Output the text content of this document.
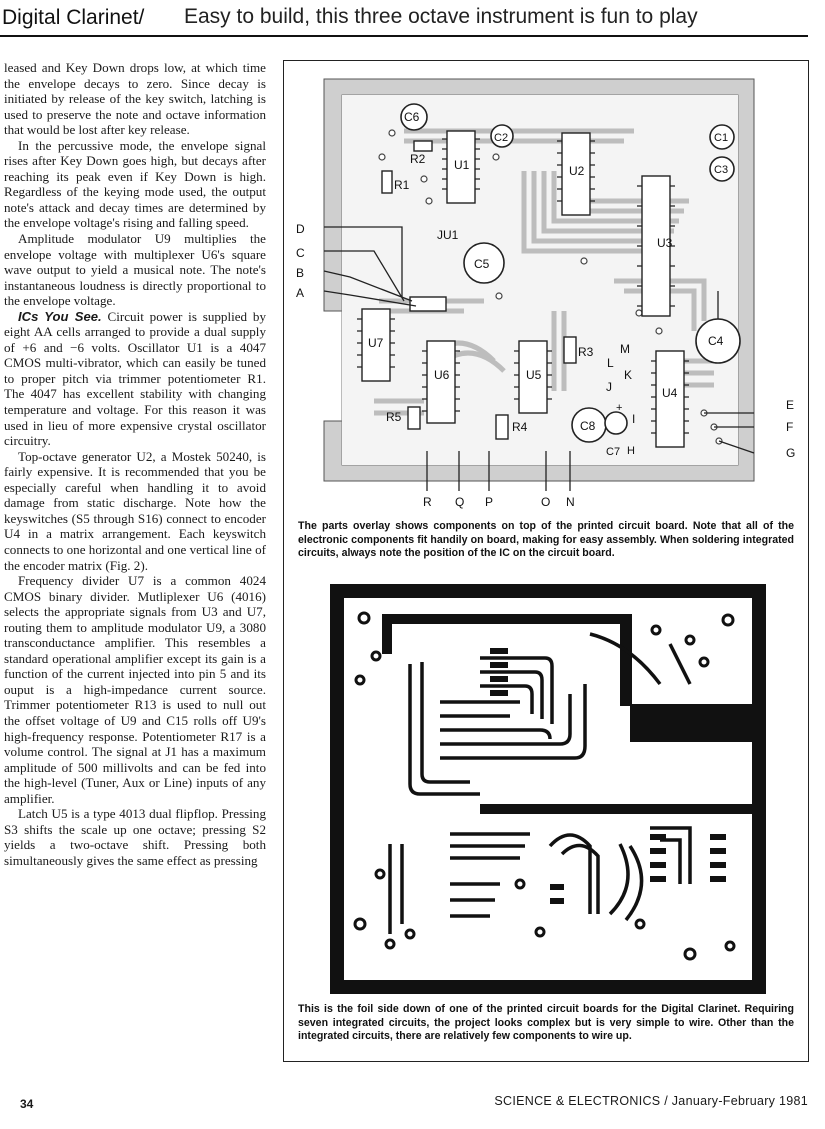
Digital Clarinet/ Easy to build, this three octave instrument is fun to play

leased and Key Down drops low, at which time the envelope decays to zero. Since decay is initiated by release of the key switch, latching is used to preserve the note and octave information that would be lost after key release.

In the percussive mode, the envelope signal rises after Key Down goes high, but decays after reaching its peak even if Key Down is high. Regardless of the keying mode used, the output note's attack and decay times are determined by the envelope voltage's rising and falling speed.

Amplitude modulator U9 multiplies the envelope voltage with multiplexer U6's square wave output to yield a musical note. The note's instantaneous loudness is directly proportional to the envelope voltage.

ICs You See. Circuit power is supplied by eight AA cells arranged to provide a dual supply of +6 and −6 volts. Oscillator U1 is a 4047 CMOS multi-vibrator, which can easily be tuned to proper pitch via trimmer potentiometer R1. The 4047 has excellent stability with changing temperature and voltage. For this reason it was used in lieu of more expensive crystal oscillator circuitry.

Top-octave generator U2, a Mostek 50240, is fairly expensive. It is recommended that you be especially careful when handling it to avoid damage from static discharge. Note how the keyswitches (S5 through S16) connect to encoder U4 in a matrix arrangement. Each keyswitch connects to one horizontal and one vertical line of the encoder matrix (Fig. 2).

Frequency divider U7 is a common 4024 CMOS binary divider. Mutliplexer U6 (4016) selects the appropriate signals from U3 and U7, routing them to amplitude modulator U9, a 3080 transconductance amplifier. This resembles a standard operational amplifier except its gain is a function of the current injected into pin 5 and its ouput is a high-impedance current source. Trimmer potentiometer R13 is used to null out the offset voltage of U9 and C15 rolls off U9's high-frequency response. Potentiometer R17 is a volume control. The signal at J1 has a maximum amplitude of 500 millivolts and can be fed into the high-level (Tuner, Aux or Line) inputs of any amplifier.

Latch U5 is a type 4013 dual flipflop. Pressing S3 shifts the scale up one octave; pressing S2 yields a two-octave shift. Pressing both simultaneously gives the same effect as pressing

C6
C2	C1
C3
R2 U1
R1
U2
U3
JU1
C5
U7
U6	U5
R3
C4
U4
R5
R4	C8
C7
M
L
K
J
I
H
+
D
C
B
A
E
F
G
R Q P	O N
The parts overlay shows components on top of the printed circuit board. Note that all of the electronic components fit handily on board, making for easy assembly. When soldering integrated circuits, always note the position of the IC on the circuit board.
This is the foil side down of one of the printed circuit boards for the Digital Clarinet. Requiring seven integrated circuits, the project looks complex but is very simple to wire. Other than the integrated circuits, there are relatively few components to wire up.
34	SCIENCE & ELECTRONICS / January-February 1981
